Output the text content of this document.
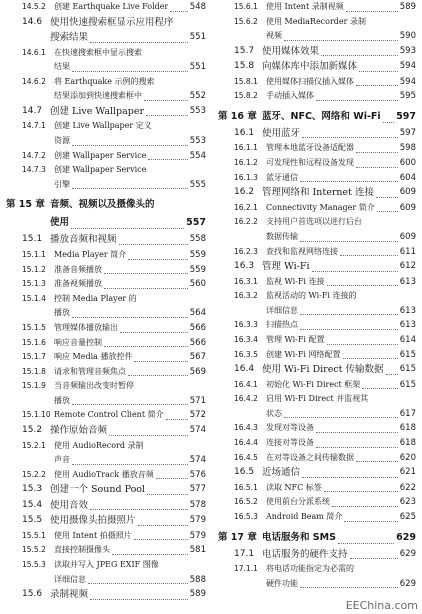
14.5.2	创建 Earthquake Live Folder	548
14.6 使用快速搜索框显示应用程序
搜索结果	551
14.6.1	在快速搜索框中显示搜索
结果	551
14.6.2	将 Earthquake 示例的搜索
结果添加到快速搜索框中	552
14.7 创建 Live Wallpaper	553
14.7.1	创建 Live Wallpaper 定义
资源	553
14.7.2	创建 Wallpaper Service	554
14.7.3	创建 Wallpaper Service
引擎	555
第 15 章 音频、视频以及摄像头的
使用	557
15.1 播放音频和视频	558
15.1.1	Media Player 简介	559
15.1.2	准备音频播放	559
15.1.3	准备视频播放	560
15.1.4	控制 Media Player 的
播放	564
15.1.5	管理媒体播放输出	566
15.1.6	响应音量控制	566
15.1.7	响应 Media 播放控件	567
15.1.8	请求和管理音频焦点	569
15.1.9	当音频输出改变时暂停
播放	571
15.1.10 Remote Control Client 简介	572
15.2 操作原始音频	574
15.2.1	使用 AudioRecord 录制
声音	574
15.2.2	使用 AudioTrack 播放音频	576
15.3 创建一个 Sound Pool	577
15.4 使用音效	578
15.5 使用摄像头拍摄照片	579
15.5.1	使用 Intent 拍摄照片	579
15.5.2	直接控制摄像头	581
15.5.3	读取并写入 JPEG EXIF 图像
详细信息	588
15.6 录制视频	589
15.6.1	使用 Intent 录制视频	589
15.6.2	使用 MediaRecorder 录制
视频	590
15.7 使用媒体效果	593
15.8 向媒体库中添加新媒体	594
15.8.1	使用媒体扫描仪插入媒体	594
15.8.2	手动插入媒体	595
第 16 章 蓝牙、NFC、网络和 Wi-Fi 597
16.1 使用蓝牙	597
16.1.1	管理本地蓝牙设备适配器	598
16.1.2	可发现性和远程设备发现	600
16.1.3	蓝牙通信	604
16.2 管理网络和 Internet 连接	609
16.2.1	Connectivity Manager 简介	609
16.2.2	支持用户首选项以进行后台
数据传输	609
16.2.3	查找和监视网络连接	611
16.3 管理 Wi-Fi	612
16.3.1	监视 Wi-Fi 连接	613
16.3.2	监视活动的 Wi-Fi 连接的
详细信息	613
16.3.3	扫描热点	613
16.3.4	管理 Wi-Fi 配置	614
16.3.5	创建 Wi-Fi 网络配置	615
16.4 使用 Wi-Fi Direct 传输数据 615
16.4.1	初始化 Wi-Fi Direct 框架	615
16.4.2	启用 Wi-Fi Direct 并监视其
状态	617
16.4.3	发现对等设备	618
16.4.4	连接对等设备	618
16.4.5	在对等设备之间传输数据	620
16.5 近场通信	621
16.5.1	读取 NFC 标签	622
16.5.2	使用前台分派系统	623
16.5.3	Android Beam 简介	625
第 17 章 电话服务和 SMS	629
17.1 电话服务的硬件支持	629
17.1.1	将电话功能指定为必需的
硬件功能	629
EEChina.com
